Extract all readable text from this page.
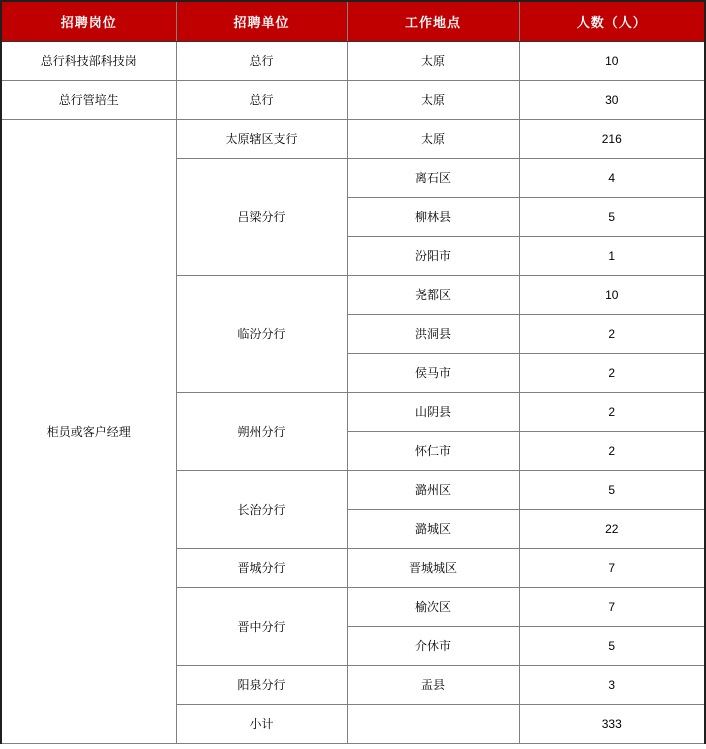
招聘岗位	招聘单位	工作地点	人数（人）
总行科技部科技岗	总行	太原	10
总行管培生	总行	太原	30
柜员或客户经理	太原辖区支行	太原	216
	吕梁分行	离石区	4
		柳林县	5
		汾阳市	1
	临汾分行	尧都区	10
		洪洞县	2
		侯马市	2
	朔州分行	山阴县	2
		怀仁市	2
	长治分行	潞州区	5
		潞城区	22
	晋城分行	晋城城区	7
	晋中分行	榆次区	7
		介休市	5
	阳泉分行	盂县	3
	小计		333
